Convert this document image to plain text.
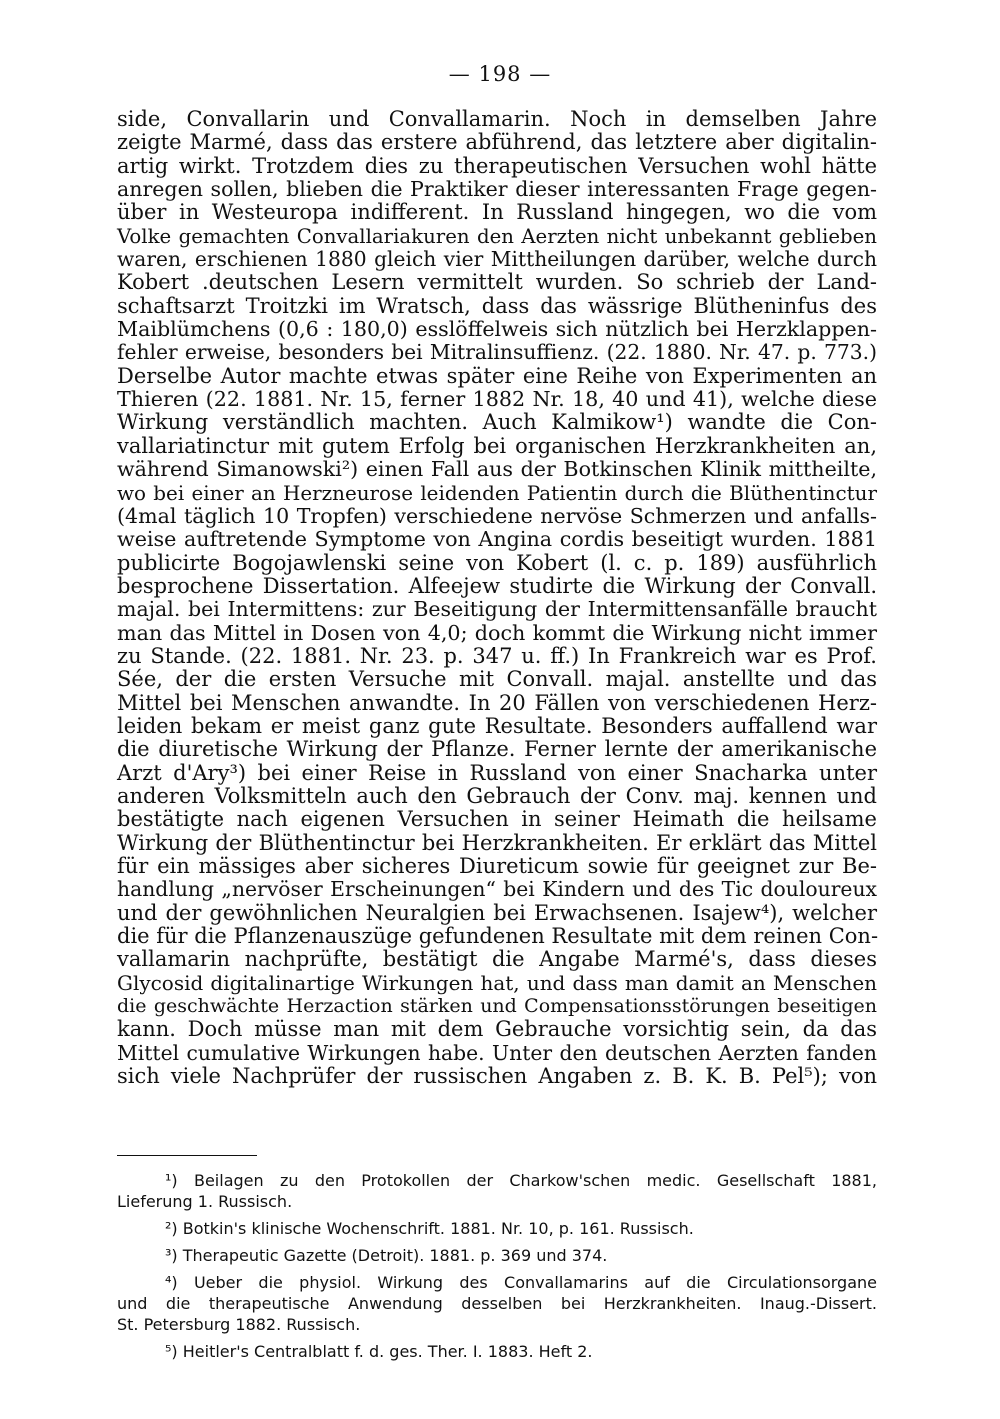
— 198 —
side, Convallarin und Convallamarin. Noch in demselben Jahre
zeigte Marmé, dass das erstere abführend, das letztere aber digitalin-
artig wirkt. Trotzdem dies zu therapeutischen Versuchen wohl hätte
anregen sollen, blieben die Praktiker dieser interessanten Frage gegen-
über in Westeuropa indifferent. In Russland hingegen, wo die vom
Volke gemachten Convallariakuren den Aerzten nicht unbekannt geblieben
waren, erschienen 1880 gleich vier Mittheilungen darüber, welche durch
Kobert .deutschen Lesern vermittelt wurden. So schrieb der Land-
schaftsarzt Troitzki im Wratsch, dass das wässrige Blütheninfus des
Maiblümchens (0,6 : 180,0) esslöffelweis sich nützlich bei Herzklappen-
fehler erweise, besonders bei Mitralinsuffienz. (22. 1880. Nr. 47. p. 773.)
Derselbe Autor machte etwas später eine Reihe von Experimenten an
Thieren (22. 1881. Nr. 15, ferner 1882 Nr. 18, 40 und 41), welche diese
Wirkung verständlich machten. Auch Kalmikow¹) wandte die Con-
vallariatinctur mit gutem Erfolg bei organischen Herzkrankheiten an,
während Simanowski²) einen Fall aus der Botkinschen Klinik mittheilte,
wo bei einer an Herzneurose leidenden Patientin durch die Blüthentinctur
(4mal täglich 10 Tropfen) verschiedene nervöse Schmerzen und anfalls-
weise auftretende Symptome von Angina cordis beseitigt wurden. 1881
publicirte Bogojawlenski seine von Kobert (l. c. p. 189) ausführlich
besprochene Dissertation. Alfeejew studirte die Wirkung der Convall.
majal. bei Intermittens: zur Beseitigung der Intermittensanfälle braucht
man das Mittel in Dosen von 4,0; doch kommt die Wirkung nicht immer
zu Stande. (22. 1881. Nr. 23. p. 347 u. ff.) In Frankreich war es Prof.
Sée, der die ersten Versuche mit Convall. majal. anstellte und das
Mittel bei Menschen anwandte. In 20 Fällen von verschiedenen Herz-
leiden bekam er meist ganz gute Resultate. Besonders auffallend war
die diuretische Wirkung der Pflanze. Ferner lernte der amerikanische
Arzt d'Ary³) bei einer Reise in Russland von einer Snacharka unter
anderen Volksmitteln auch den Gebrauch der Conv. maj. kennen und
bestätigte nach eigenen Versuchen in seiner Heimath die heilsame
Wirkung der Blüthentinctur bei Herzkrankheiten. Er erklärt das Mittel
für ein mässiges aber sicheres Diureticum sowie für geeignet zur Be-
handlung „nervöser Erscheinungen“ bei Kindern und des Tic douloureux
und der gewöhnlichen Neuralgien bei Erwachsenen. Isajew⁴), welcher
die für die Pflanzenauszüge gefundenen Resultate mit dem reinen Con-
vallamarin nachprüfte, bestätigt die Angabe Marmé's, dass dieses
Glycosid digitalinartige Wirkungen hat, und dass man damit an Menschen
die geschwächte Herzaction stärken und Compensationsstörungen beseitigen
kann. Doch müsse man mit dem Gebrauche vorsichtig sein, da das
Mittel cumulative Wirkungen habe. Unter den deutschen Aerzten fanden
sich viele Nachprüfer der russischen Angaben z. B. K. B. Pel⁵); von
¹) Beilagen zu den Protokollen der Charkow'schen medic. Gesellschaft 1881,
Lieferung 1. Russisch.
²) Botkin's klinische Wochenschrift. 1881. Nr. 10, p. 161. Russisch.
³) Therapeutic Gazette (Detroit). 1881. p. 369 und 374.
⁴) Ueber die physiol. Wirkung des Convallamarins auf die Circulationsorgane
und die therapeutische Anwendung desselben bei Herzkrankheiten. Inaug.-Dissert.
St. Petersburg 1882. Russisch.
⁵) Heitler's Centralblatt f. d. ges. Ther. I. 1883. Heft 2.
